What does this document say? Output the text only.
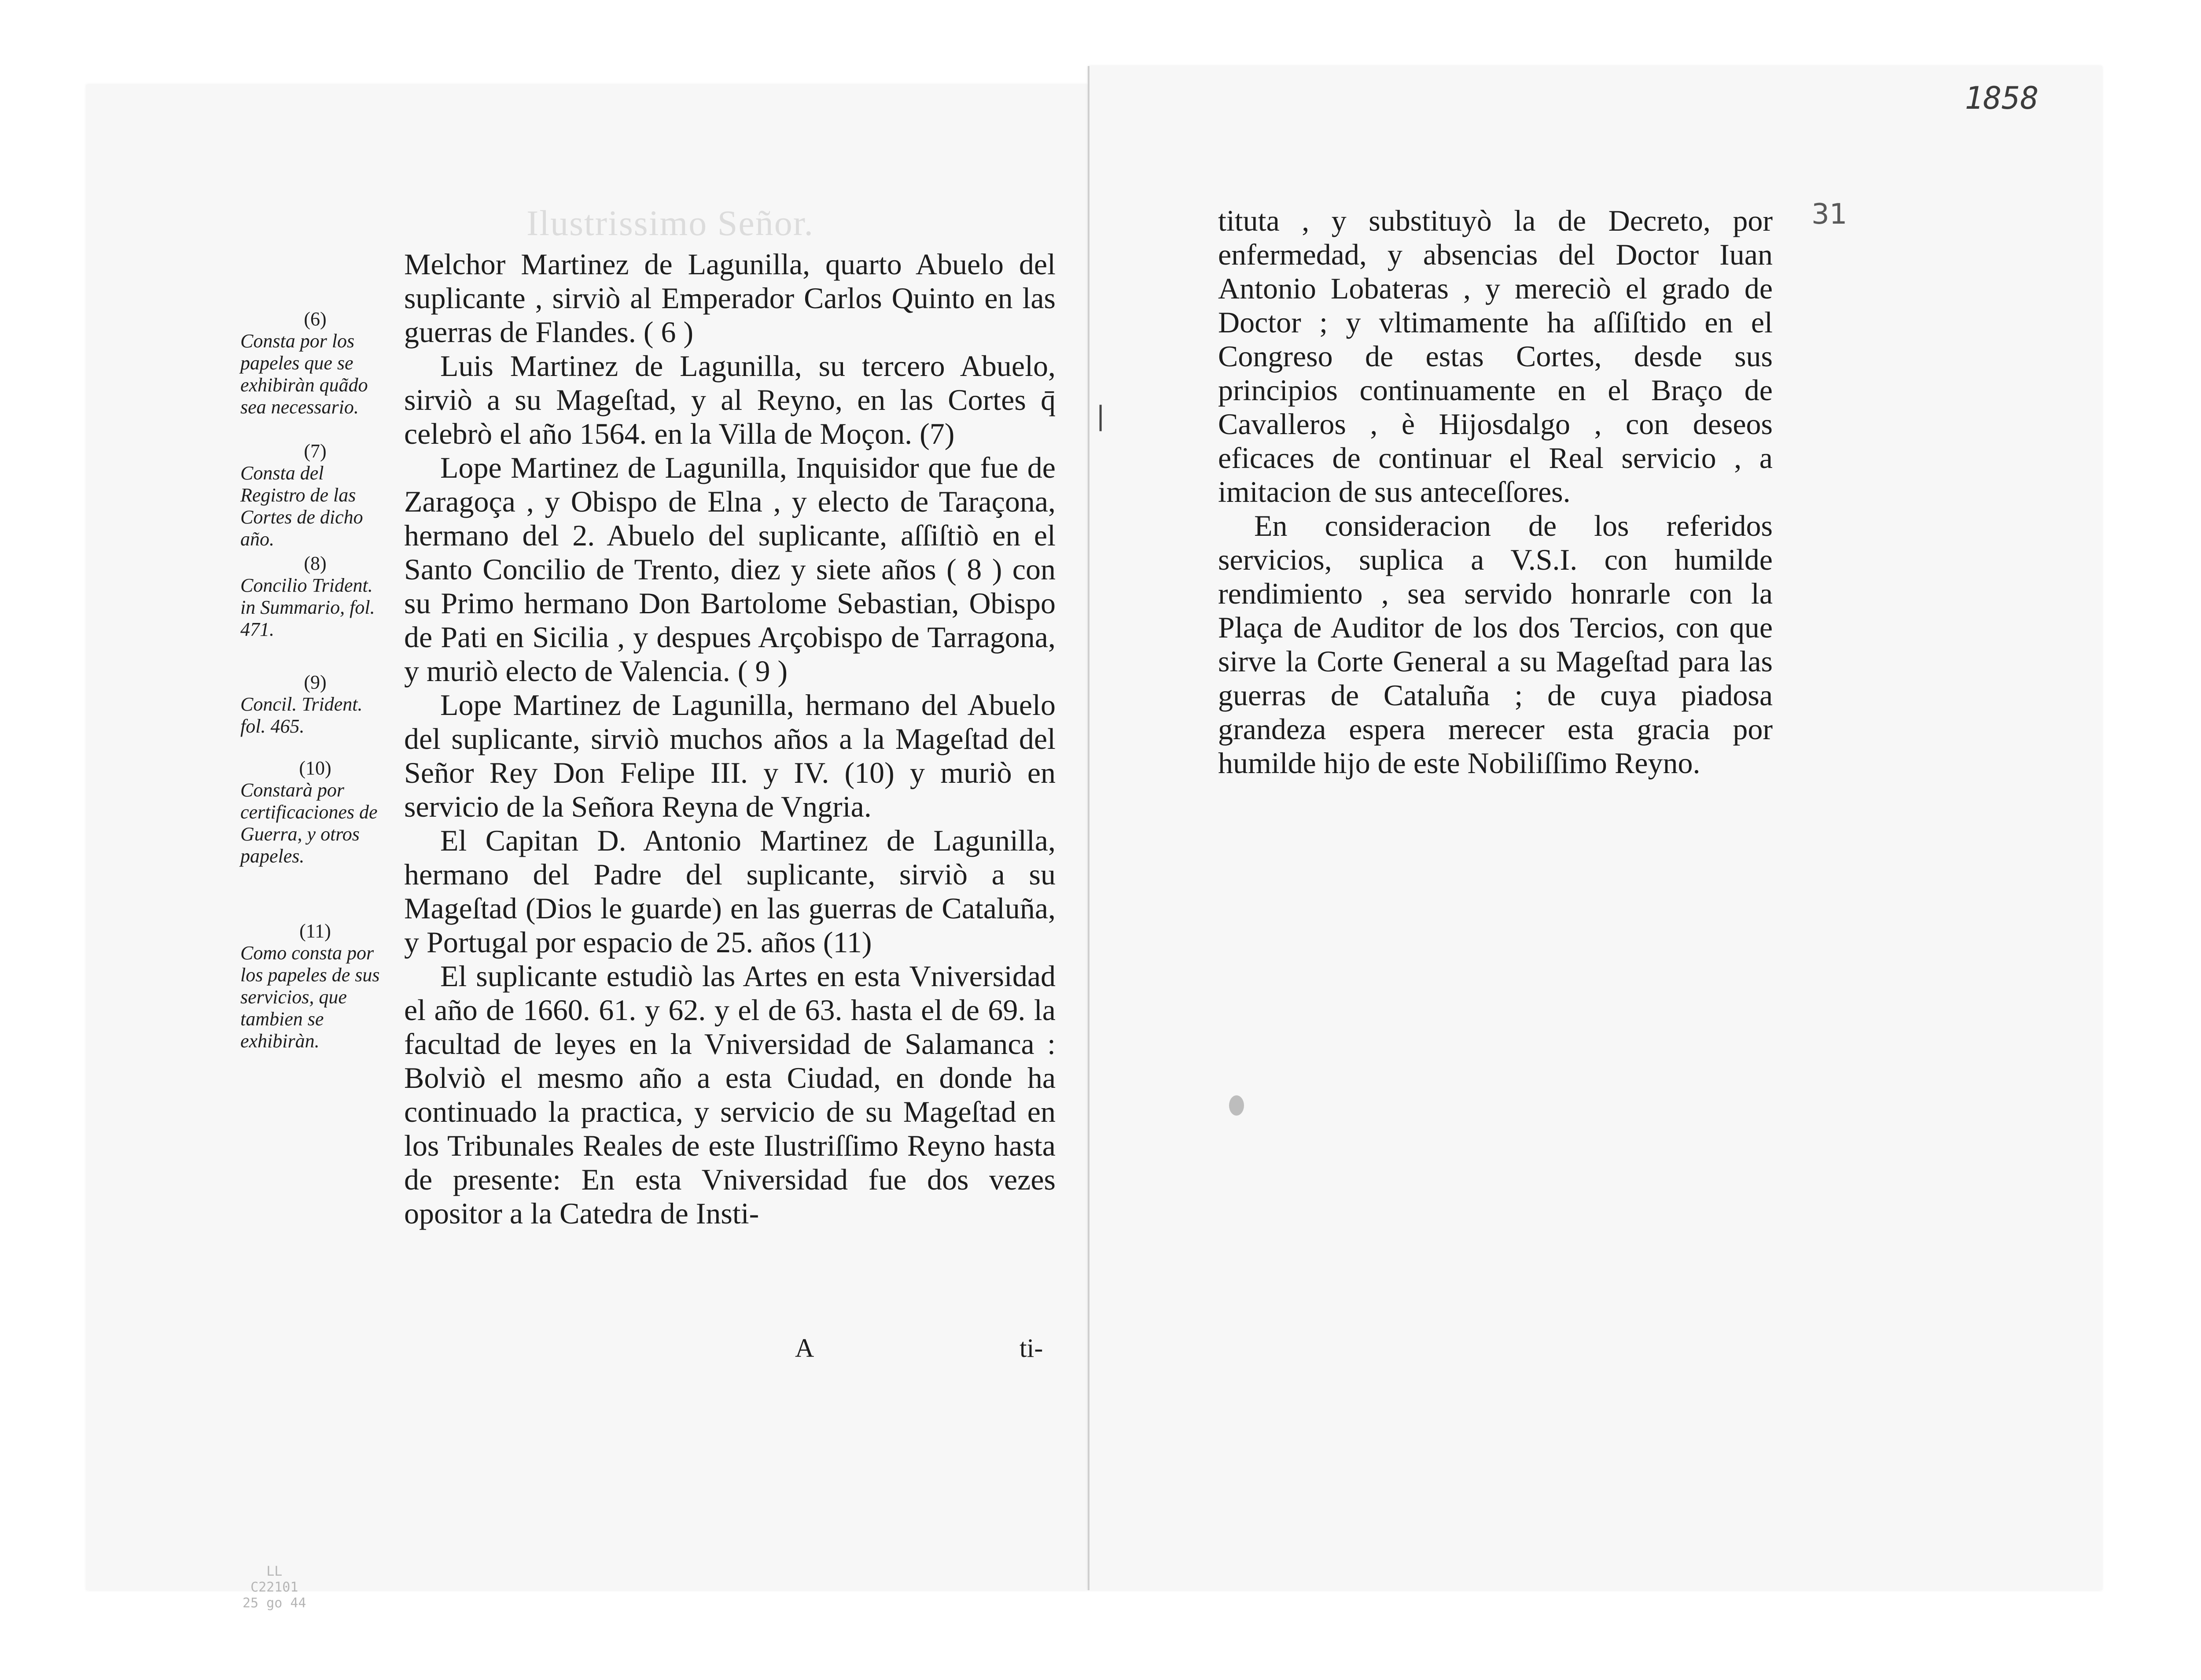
Ilustrissimo Señor.
(6)
Consta por los papeles que se exhibiràn quãdo sea necessario.
(7)
Consta del Registro de las Cortes de dicho año.
(8)
Concilio Trident. in Summario, fol. 471.
(9)
Concil. Trident. fol. 465.
(10)
Constarà por certificaciones de Guerra, y otros papeles.
(11)
Como consta por los papeles de sus servicios, que tambien se exhibiràn.

Melchor Martinez de Lagunilla, quarto Abuelo del suplicante , sirviò al Emperador Carlos Quinto en las guerras de Flandes. ( 6 )

Luis Martinez de Lagunilla, su tercero Abuelo, sirviò a su Mageſtad, y al Reyno, en las Cortes q̄ celebrò el año 1564. en la Villa de Moçon. (7)

Lope Martinez de Lagunilla, Inquisidor que fue de Zaragoça , y Obispo de Elna , y electo de Taraçona, hermano del 2. Abuelo del suplicante, aſſiſtiò en el Santo Concilio de Trento, diez y siete años ( 8 ) con su Primo hermano Don Bartolome Sebastian, Obispo de Pati en Sicilia , y despues Arçobispo de Tarragona, y muriò electo de Valencia. ( 9 )

Lope Martinez de Lagunilla, hermano del Abuelo del suplicante, sirviò muchos años a la Mageſtad del Señor Rey Don Felipe III. y IV. (10) y muriò en servicio de la Señora Reyna de Vngria.

El Capitan D. Antonio Martinez de Lagunilla, hermano del Padre del suplicante, sirviò a su Mageſtad (Dios le guarde) en las guerras de Cataluña, y Portugal por espacio de 25. años (11)

El suplicante estudiò las Artes en esta Vniversidad el año de 1660. 61. y 62. y el de 63. hasta el de 69. la facultad de leyes en la Vniversidad de Salamanca : Bolviò el mesmo año a esta Ciudad, en donde ha continuado la practica, y servicio de su Mageſtad en los Tribunales Reales de este Ilustriſſimo Reyno hasta de presente: En esta Vniversidad fue dos vezes opositor a la Catedra de Insti-

A	ti-
LL
C22101
25 go 44
1858
31

tituta , y substituyò la de Decreto, por enfermedad, y absencias del Doctor Iuan Antonio Lobateras , y mereciò el grado de Doctor ; y vltimamente ha aſſiſtido en el Congreso de estas Cortes, desde sus principios continuamente en el Braço de Cavalleros , è Hijosdalgo , con deseos eficaces de continuar el Real servicio , a imitacion de sus anteceſſores.

En consideracion de los referidos servicios, suplica a V.S.I. con humilde rendimiento , sea servido honrarle con la Plaça de Auditor de los dos Tercios, con que sirve la Corte General a su Mageſtad para las guerras de Cataluña ; de cuya piadosa grandeza espera merecer esta gracia por humilde hijo de este Nobiliſſimo Reyno.

❘
